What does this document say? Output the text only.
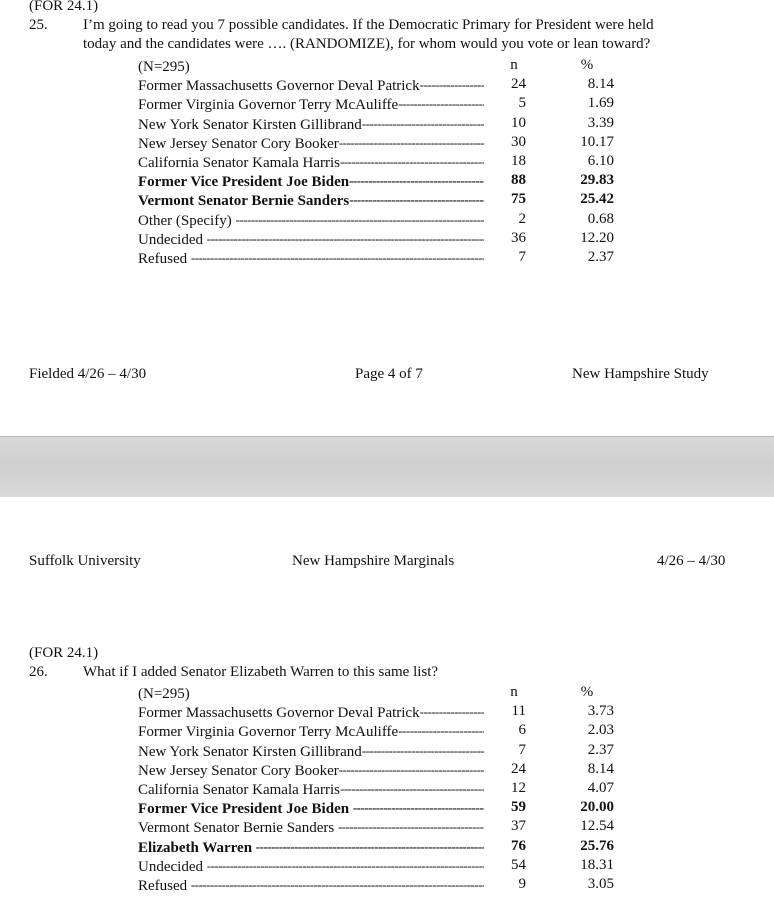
(FOR 24.1)
25. I’m going to read you 7 possible candidates. If the Democratic Primary for President were held
today and the candidates were …. (RANDOMIZE), for whom would you vote or lean toward?
(N=295)	n	%
Former Massachusetts Governor Deval Patrick -----	24	8.14
Former Virginia Governor Terry McAuliffe -----	5	1.69
New York Senator Kirsten Gillibrand -----	10	3.39
New Jersey Senator Cory Booker -----	30	10.17
California Senator Kamala Harris -----	18	6.10
Former Vice President Joe Biden -----	88	29.83
Vermont Senator Bernie Sanders -----	75	25.42
Other (Specify) -----	2	0.68
Undecided -----	36	12.20
Refused -----	7	2.37
Fielded 4/26 – 4/30	Page 4 of 7	New Hampshire Study
Suffolk University	New Hampshire Marginals	4/26 – 4/30
(FOR 24.1)
26. What if I added Senator Elizabeth Warren to this same list?
(N=295)	n	%
Former Massachusetts Governor Deval Patrick -----	11	3.73
Former Virginia Governor Terry McAuliffe -----	6	2.03
New York Senator Kirsten Gillibrand -----	7	2.37
New Jersey Senator Cory Booker -----	24	8.14
California Senator Kamala Harris -----	12	4.07
Former Vice President Joe Biden -----	59	20.00
Vermont Senator Bernie Sanders -----	37	12.54
Elizabeth Warren -----	76	25.76
Undecided -----	54	18.31
Refused -----	9	3.05
